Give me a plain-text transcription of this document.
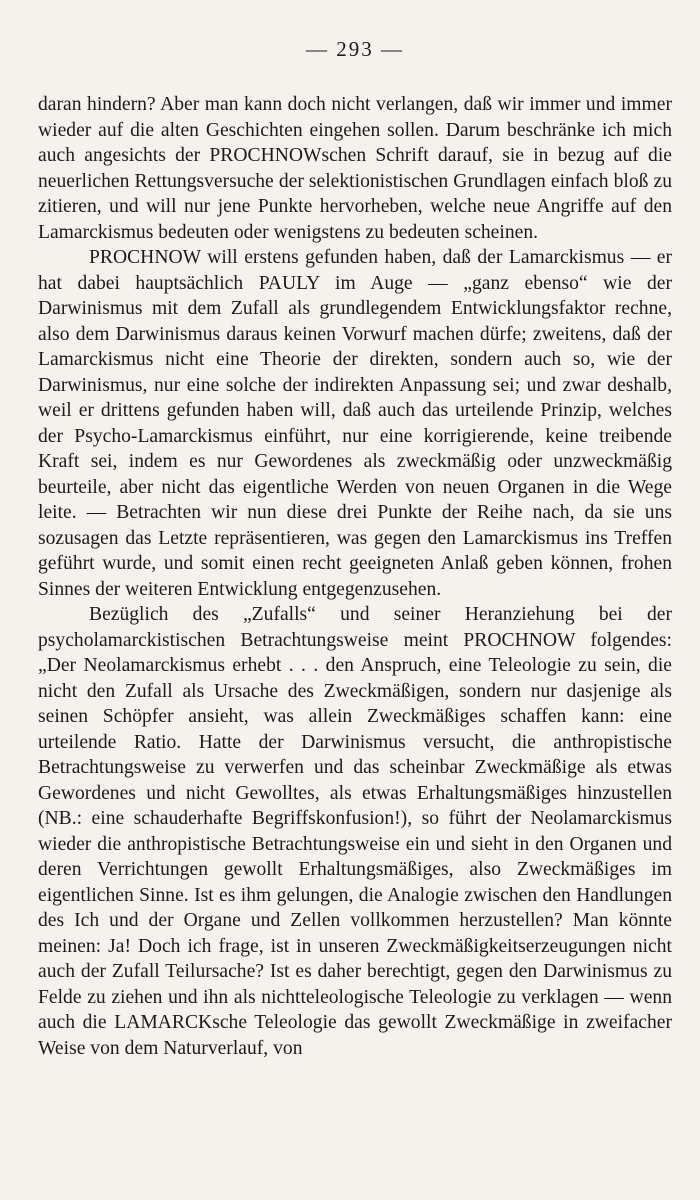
— 293 —

daran hindern? Aber man kann doch nicht verlangen, daß wir immer und immer wieder auf die alten Geschichten eingehen sollen. Darum beschränke ich mich auch angesichts der PROCHNOWschen Schrift darauf, sie in bezug auf die neuerlichen Rettungsversuche der selektionistischen Grundlagen einfach bloß zu zitieren, und will nur jene Punkte hervorheben, welche neue Angriffe auf den Lamarckismus bedeuten oder wenigstens zu bedeuten scheinen.

PROCHNOW will erstens gefunden haben, daß der Lamarckismus — er hat dabei hauptsächlich PAULY im Auge — „ganz ebenso“ wie der Darwinismus mit dem Zufall als grundlegendem Entwicklungsfaktor rechne, also dem Darwinismus daraus keinen Vorwurf machen dürfe; zweitens, daß der Lamarckismus nicht eine Theorie der direkten, sondern auch so, wie der Darwinismus, nur eine solche der indirekten Anpassung sei; und zwar deshalb, weil er drittens gefunden haben will, daß auch das urteilende Prinzip, welches der Psycho-Lamarckismus einführt, nur eine korrigierende, keine treibende Kraft sei, indem es nur Gewordenes als zweckmäßig oder unzweckmäßig beurteile, aber nicht das eigentliche Werden von neuen Organen in die Wege leite. — Betrachten wir nun diese drei Punkte der Reihe nach, da sie uns sozusagen das Letzte repräsentieren, was gegen den Lamarckismus ins Treffen geführt wurde, und somit einen recht geeigneten Anlaß geben können, frohen Sinnes der weiteren Entwicklung entgegenzusehen.

Bezüglich des „Zufalls“ und seiner Heranziehung bei der psycholamarckistischen Betrachtungsweise meint PROCHNOW folgendes: „Der Neolamarckismus erhebt . . . den Anspruch, eine Teleologie zu sein, die nicht den Zufall als Ursache des Zweckmäßigen, sondern nur dasjenige als seinen Schöpfer ansieht, was allein Zweckmäßiges schaffen kann: eine urteilende Ratio. Hatte der Darwinismus versucht, die anthropistische Betrachtungsweise zu verwerfen und das scheinbar Zweckmäßige als etwas Gewordenes und nicht Gewolltes, als etwas Erhaltungsmäßiges hinzustellen (NB.: eine schauderhafte Begriffskonfusion!), so führt der Neolamarckismus wieder die anthropistische Betrachtungsweise ein und sieht in den Organen und deren Verrichtungen gewollt Erhaltungsmäßiges, also Zweckmäßiges im eigentlichen Sinne. Ist es ihm gelungen, die Analogie zwischen den Handlungen des Ich und der Organe und Zellen vollkommen herzustellen? Man könnte meinen: Ja! Doch ich frage, ist in unseren Zweckmäßigkeitserzeugungen nicht auch der Zufall Teilursache? Ist es daher berechtigt, gegen den Darwinismus zu Felde zu ziehen und ihn als nichtteleologische Teleologie zu verklagen — wenn auch die LAMARCKsche Teleologie das gewollt Zweckmäßige in zweifacher Weise von dem Naturverlauf, von
